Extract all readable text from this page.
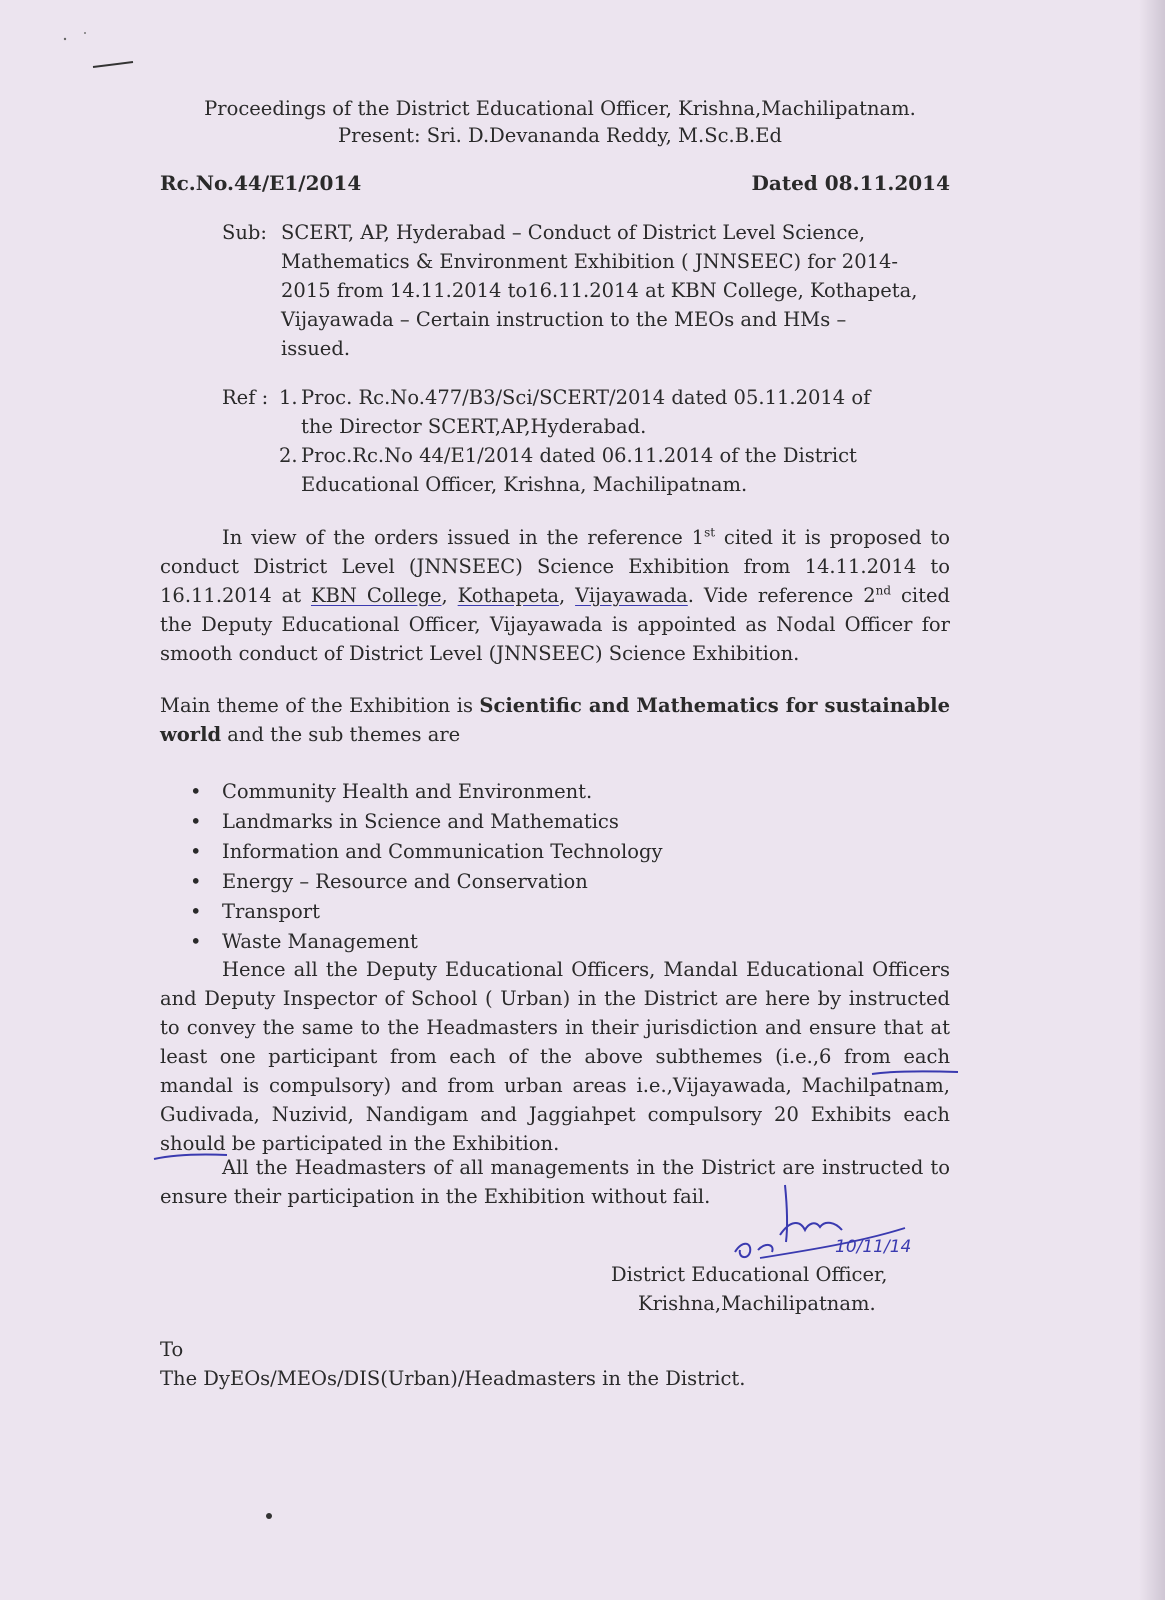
Proceedings of the District Educational Officer, Krishna,Machilipatnam.
Present: Sri. D.Devananda Reddy, M.Sc.B.Ed
Rc.No.44/E1/2014	Dated 08.11.2014
Sub: SCERT, AP, Hyderabad – Conduct of District Level Science,
Mathematics & Environment Exhibition ( JNNSEEC) for 2014-
2015 from 14.11.2014 to16.11.2014 at KBN College, Kothapeta,
Vijayawada – Certain instruction to the MEOs and HMs –
issued.
Ref : 1. Proc. Rc.No.477/B3/Sci/SCERT/2014 dated 05.11.2014 of
the Director SCERT,AP,Hyderabad.
2. Proc.Rc.No 44/E1/2014 dated 06.11.2014 of the District
Educational Officer, Krishna, Machilipatnam.
In view of the orders issued in the reference 1st cited it is proposed to conduct District Level (JNNSEEC) Science Exhibition from 14.11.2014 to 16.11.2014 at KBN College, Kothapeta, Vijayawada. Vide reference 2nd cited the Deputy Educational Officer, Vijayawada is appointed as Nodal Officer for smooth conduct of District Level (JNNSEEC) Science Exhibition.
Main theme of the Exhibition is Scientific and Mathematics for sustainable world and the sub themes are
• Community Health and Environment.
• Landmarks in Science and Mathematics
• Information and Communication Technology
• Energy – Resource and Conservation
• Transport
• Waste Management
Hence all the Deputy Educational Officers, Mandal Educational Officers and Deputy Inspector of School ( Urban) in the District are here by instructed to convey the same to the Headmasters in their jurisdiction and ensure that at least one participant from each of the above subthemes (i.e.,6 from each mandal is compulsory) and from urban areas i.e.,Vijayawada, Machilpatnam, Gudivada, Nuzivid, Nandigam and Jaggiahpet compulsory 20 Exhibits each should be participated in the Exhibition.
All the Headmasters of all managements in the District are instructed to ensure their participation in the Exhibition without fail.
10/11/14
District Educational Officer,
Krishna,Machilipatnam.
To
The DyEOs/MEOs/DIS(Urban)/Headmasters in the District.
